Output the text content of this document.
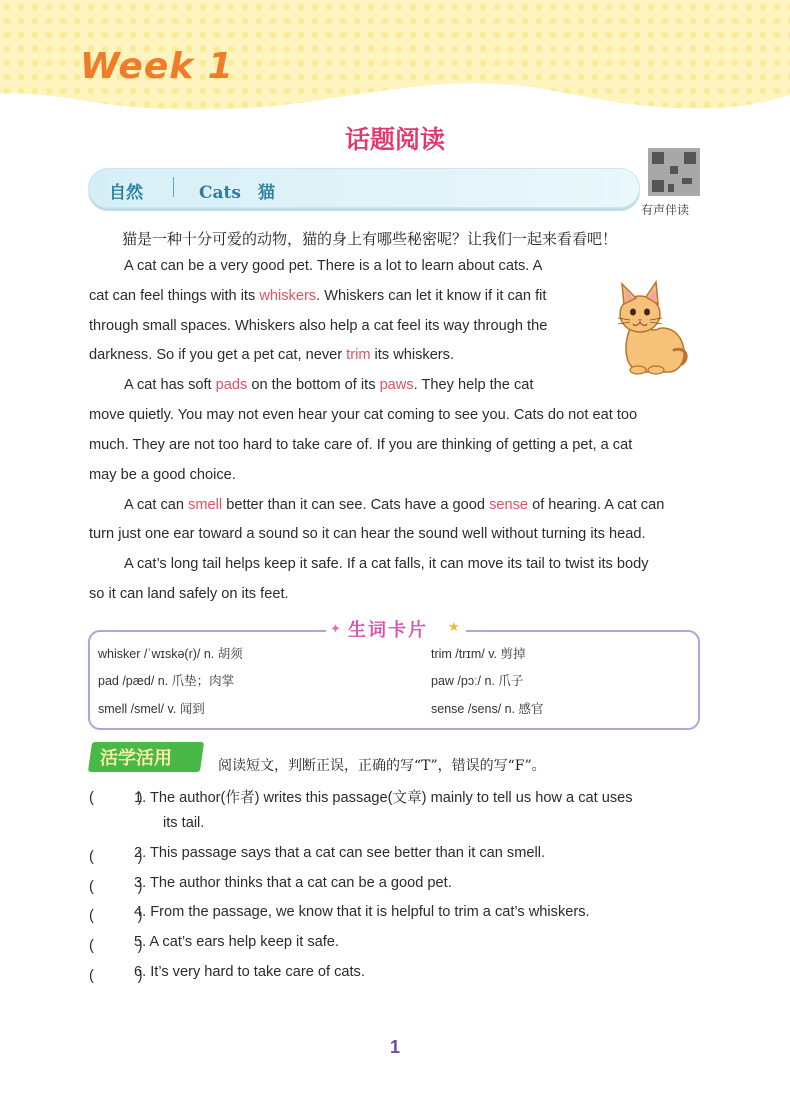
Week 1
话题阅读
自然	Cats　猫
有声伴读
猫是一种十分可爱的动物，猫的身上有哪些秘密呢？让我们一起来看看吧！
A cat can be a very good pet. There is a lot to learn about cats. A
cat can feel things with its whiskers. Whiskers can let it know if it can fit
through small spaces. Whiskers also help a cat feel its way through the
darkness. So if you get a pet cat, never trim its whiskers.
A cat has soft pads on the bottom of its paws. They help the cat
move quietly. You may not even hear your cat coming to see you. Cats do not eat too
much. They are not too hard to take care of. If you are thinking of getting a pet, a cat
may be a good choice.
A cat can smell better than it can see. Cats have a good sense of hearing. A cat can
turn just one ear toward a sound so it can hear the sound well without turning its head.
A cat’s long tail helps keep it safe. If a cat falls, it can move its tail to twist its body
so it can land safely on its feet.
✦ 生词卡片 ★
whisker /ˈwɪskə(r)/ n. 胡须	trim /trɪm/ v. 剪掉
pad /pæd/ n. 爪垫；肉掌	paw /pɔː/ n. 爪子
smell /smel/ v. 闻到	sense /sens/ n. 感官
活学活用	阅读短文，判断正误，正确的写“T”，错误的写“F”。
(　　　)
1. The author(作者) writes this passage(文章) mainly to tell us how a cat uses
its tail.
(　　　)
2. This passage says that a cat can see better than it can smell.
(　　　)
3. The author thinks that a cat can be a good pet.
(　　　)
4. From the passage, we know that it is helpful to trim a cat’s whiskers.
(　　　)
5. A cat’s ears help keep it safe.
(　　　)
6. It’s very hard to take care of cats.
1
